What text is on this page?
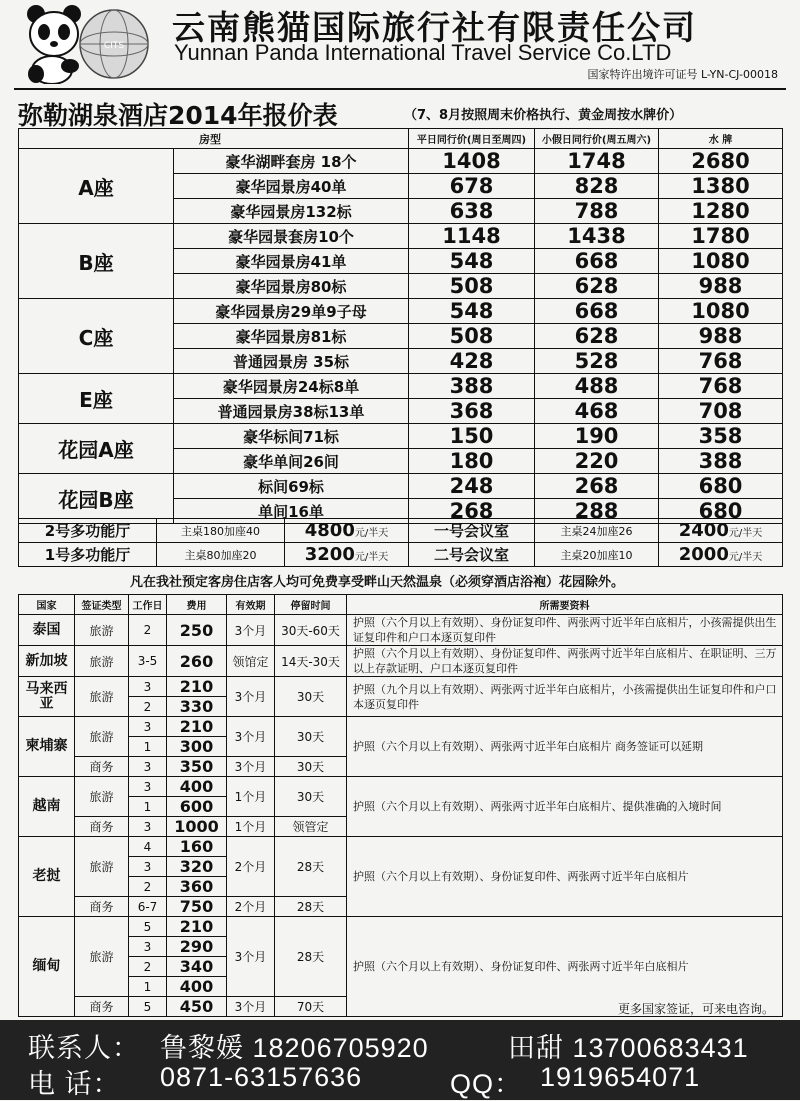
CITS 云南熊猫国际旅行社有限责任公司
Yunnan Panda International Travel Service Co.LTD
国家特许出境许可证号 L-YN-CJ-00018
弥勒湖泉酒店2014年报价表	（7、8月按照周末价格执行、黄金周按水牌价）
房型		平日同行价(周日至周四)	小假日同行价(周五周六)	水 牌
A座	豪华湖畔套房 18个	1408	1748	2680
	豪华园景房40单	678	828	1380
	豪华园景房132标	638	788	1280
B座	豪华园景套房10个	1148	1438	1780
	豪华园景房41单	548	668	1080
	豪华园景房80标	508	628	988
C座	豪华园景房29单9子母	548	668	1080
	豪华园景房81标	508	628	988
	普通园景房 35标	428	528	768
E座	豪华园景房24标8单	388	488	768
	普通园景房38标13单	368	468	708
花园A座	豪华标间71标	150	190	358
	豪华单间26间	180	220	388
花园B座	标间69标	248	268	680
	单间16单	268	288	680
2号多功能厅	主桌180加座40	4800元/半天	一号会议室	主桌24加座26	2400元/半天
1号多功能厅	主桌80加座20	3200元/半天	二号会议室	主桌20加座10	2000元/半天
凡在我社预定客房住店客人均可免费享受畔山天然温泉（必须穿酒店浴袍）花园除外。
国家	签证类型	工作日	费用	有效期	停留时间	所需要资料
泰国	旅游	2	250	3个月	30天-60天	护照（六个月以上有效期）、身份证复印件、两张两寸近半年白底相片，小孩需提供出生证复印件和户口本逐页复印件
新加坡	旅游	3-5	260	领馆定	14天-30天	护照（六个月以上有效期）、身份证复印件、两张两寸近半年白底相片、在职证明、三万以上存款证明、户口本逐页复印件
马来西亚	旅游	3	210	3个月	30天	护照（九个月以上有效期）、两张两寸近半年白底相片，小孩需提供出生证复印件和户口本逐页复印件
		2	330			
柬埔寨	旅游	3	210	3个月	30天	护照（六个月以上有效期）、两张两寸近半年白底相片 商务签证可以延期
		1	300			
	商务	3	350	3个月	30天	
越南	旅游	3	400	1个月	30天	护照（六个月以上有效期）、两张两寸近半年白底相片、提供准确的入境时间
		1	600			
	商务	3	1000	1个月	领管定	
老挝	旅游	4	160	2个月	28天	护照（六个月以上有效期）、身份证复印件、两张两寸近半年白底相片
		3	320			
		2	360			
	商务	6-7	750	2个月	28天	
缅甸	旅游	5	210	3个月	28天	护照（六个月以上有效期）、身份证复印件、两张两寸近半年白底相片
		3	290			
		2	340			
		1	400			
	商务	5	450	3个月	70天		更多国家签证，可来电咨询。
联系人： 鲁黎媛 18206705920	田甜 13700683431
电 话： 0871-63157636	QQ： 1919654071
